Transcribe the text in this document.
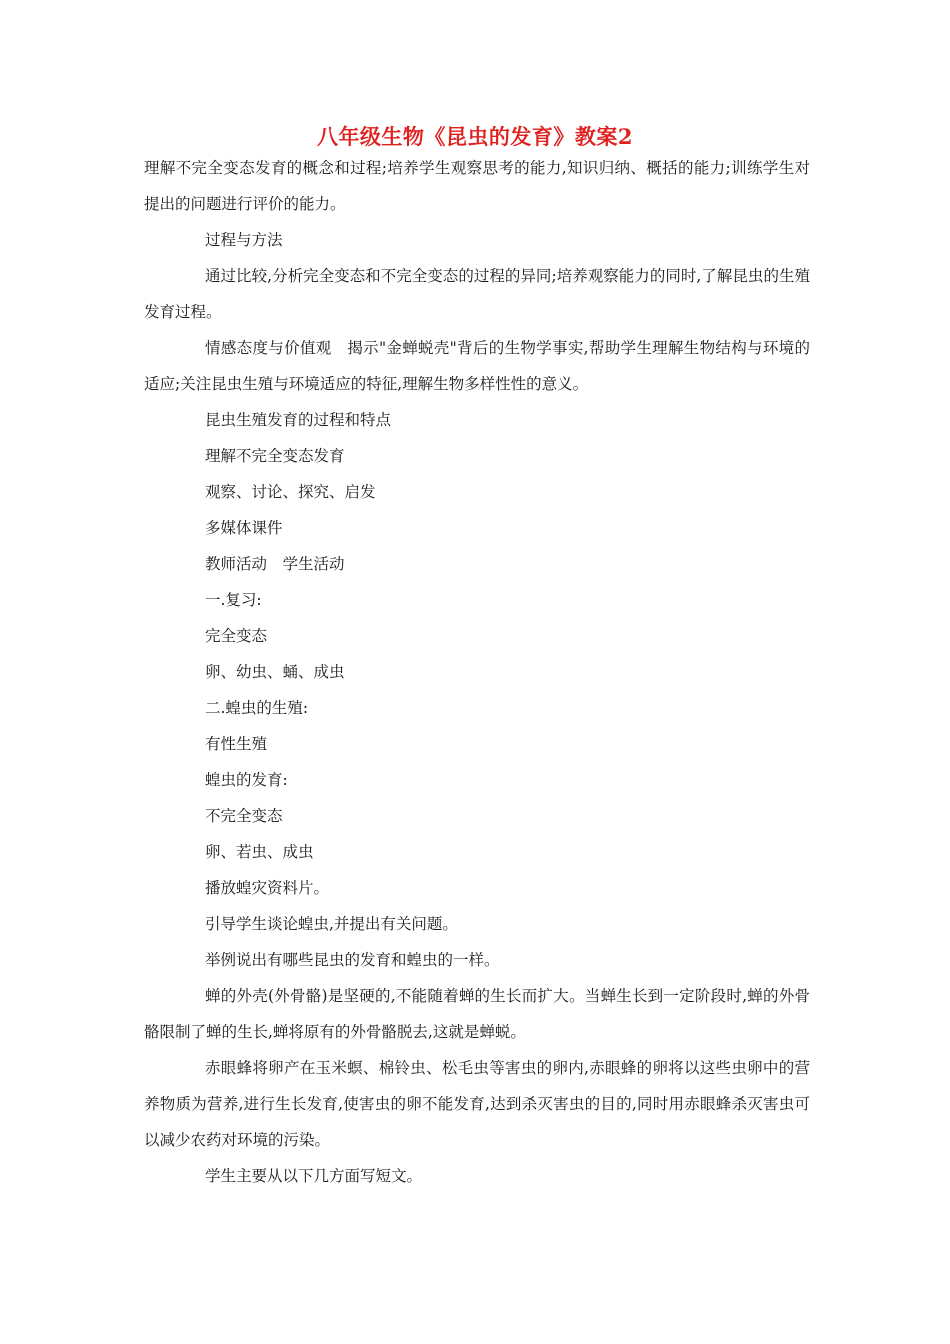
八年级生物《昆虫的发育》教案2

理解不完全变态发育的概念和过程;培养学生观察思考的能力,知识归纳、概括的能力;训练学生对提出的问题进行评价的能力。

过程与方法

通过比较,分析完全变态和不完全变态的过程的异同;培养观察能力的同时,了解昆虫的生殖发育过程。

情感态度与价值观　揭示"金蝉蜕壳"背后的生物学事实,帮助学生理解生物结构与环境的适应;关注昆虫生殖与环境适应的特征,理解生物多样性性的意义。

昆虫生殖发育的过程和特点

理解不完全变态发育

观察、讨论、探究、启发

多媒体课件

教师活动　学生活动

一.复习:

完全变态

卵、幼虫、蛹、成虫

二.蝗虫的生殖:

有性生殖

蝗虫的发育:

不完全变态

卵、若虫、成虫

播放蝗灾资料片。

引导学生谈论蝗虫,并提出有关问题。

举例说出有哪些昆虫的发育和蝗虫的一样。

蝉的外壳(外骨骼)是坚硬的,不能随着蝉的生长而扩大。当蝉生长到一定阶段时,蝉的外骨骼限制了蝉的生长,蝉将原有的外骨骼脱去,这就是蝉蜕。

赤眼蜂将卵产在玉米螟、棉铃虫、松毛虫等害虫的卵内,赤眼蜂的卵将以这些虫卵中的营养物质为营养,进行生长发育,使害虫的卵不能发育,达到杀灭害虫的目的,同时用赤眼蜂杀灭害虫可以减少农药对环境的污染。

学生主要从以下几方面写短文。
